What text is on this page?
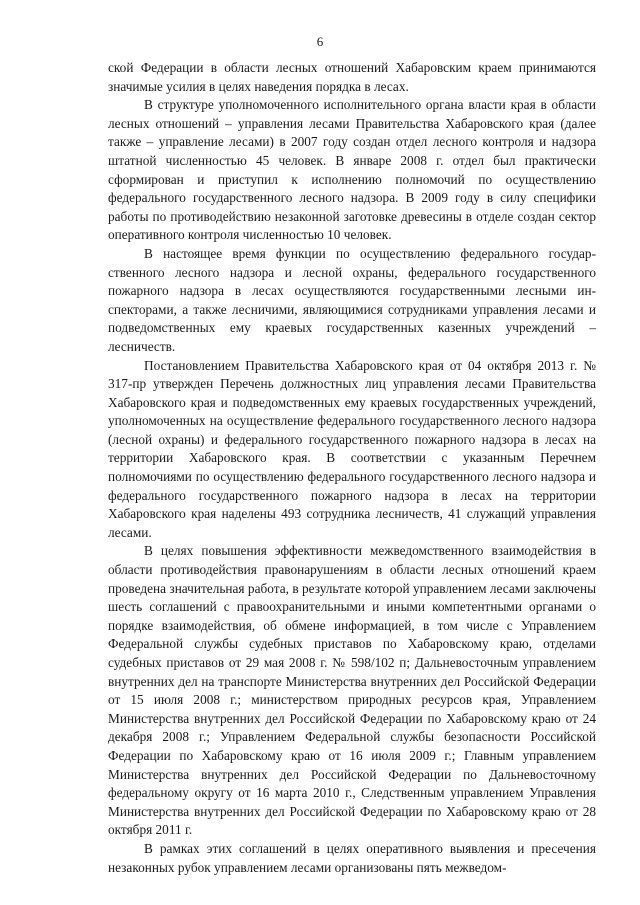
6

ской Федерации в области лесных отношений Хабаровским краем принимаются значимые усилия в целях наведения порядка в лесах.

В структуре уполномоченного исполнительного органа власти края в области лесных отношений – управления лесами Правительства Хабаровского края (далее также – управление лесами) в 2007 году создан отдел лесного контроля и надзора штатной численностью 45 человек. В январе 2008 г. отдел был практически сформирован и приступил к исполнению полномочий по осуществлению федерального государственного лесного надзора. В 2009 году в силу специфики работы по противодействию незаконной заготовке древесины в отделе создан сектор оперативного контроля численностью 10 человек.

В настоящее время функции по осуществлению федерального государственного лесного надзора и лесной охраны, федерального государственного пожарного надзора в лесах осуществляются государственными лесными инспекторами, а также лесничими, являющимися сотрудниками управления лесами и подведомственных ему краевых государственных казенных учреждений – лесничеств.

Постановлением Правительства Хабаровского края от 04 октября 2013 г. № 317-пр утвержден Перечень должностных лиц управления лесами Правительства Хабаровского края и подведомственных ему краевых государственных учреждений, уполномоченных на осуществление федерального государственного лесного надзора (лесной охраны) и федерального государственного пожарного надзора в лесах на территории Хабаровского края. В соответствии с указанным Перечнем полномочиями по осуществлению федерального государственного лесного надзора и федерального государственного пожарного надзора в лесах на территории Хабаровского края наделены 493 сотрудника лесничеств, 41 служащий управления лесами.

В целях повышения эффективности межведомственного взаимодействия в области противодействия правонарушениям в области лесных отношений краем проведена значительная работа, в результате которой управлением лесами заключены шесть соглашений с правоохранительными и иными компетентными органами о порядке взаимодействия, об обмене информацией, в том числе с Управлением Федеральной службы судебных приставов по Хабаровскому краю, отделами судебных приставов от 29 мая 2008 г. № 598/102 п; Дальневосточным управлением внутренних дел на транспорте Министерства внутренних дел Российской Федерации от 15 июля 2008 г.; министерством природных ресурсов края, Управлением Министерства внутренних дел Российской Федерации по Хабаровскому краю от 24 декабря 2008 г.; Управлением Федеральной службы безопасности Российской Федерации по Хабаровскому краю от 16 июля 2009 г.; Главным управлением Министерства внутренних дел Российской Федерации по Дальневосточному федеральному округу от 16 марта 2010 г., Следственным управлением Управления Министерства внутренних дел Российской Федерации по Хабаровскому краю от 28 октября 2011 г.

В рамках этих соглашений в целях оперативного выявления и пресечения незаконных рубок управлением лесами организованы пять межведом-
